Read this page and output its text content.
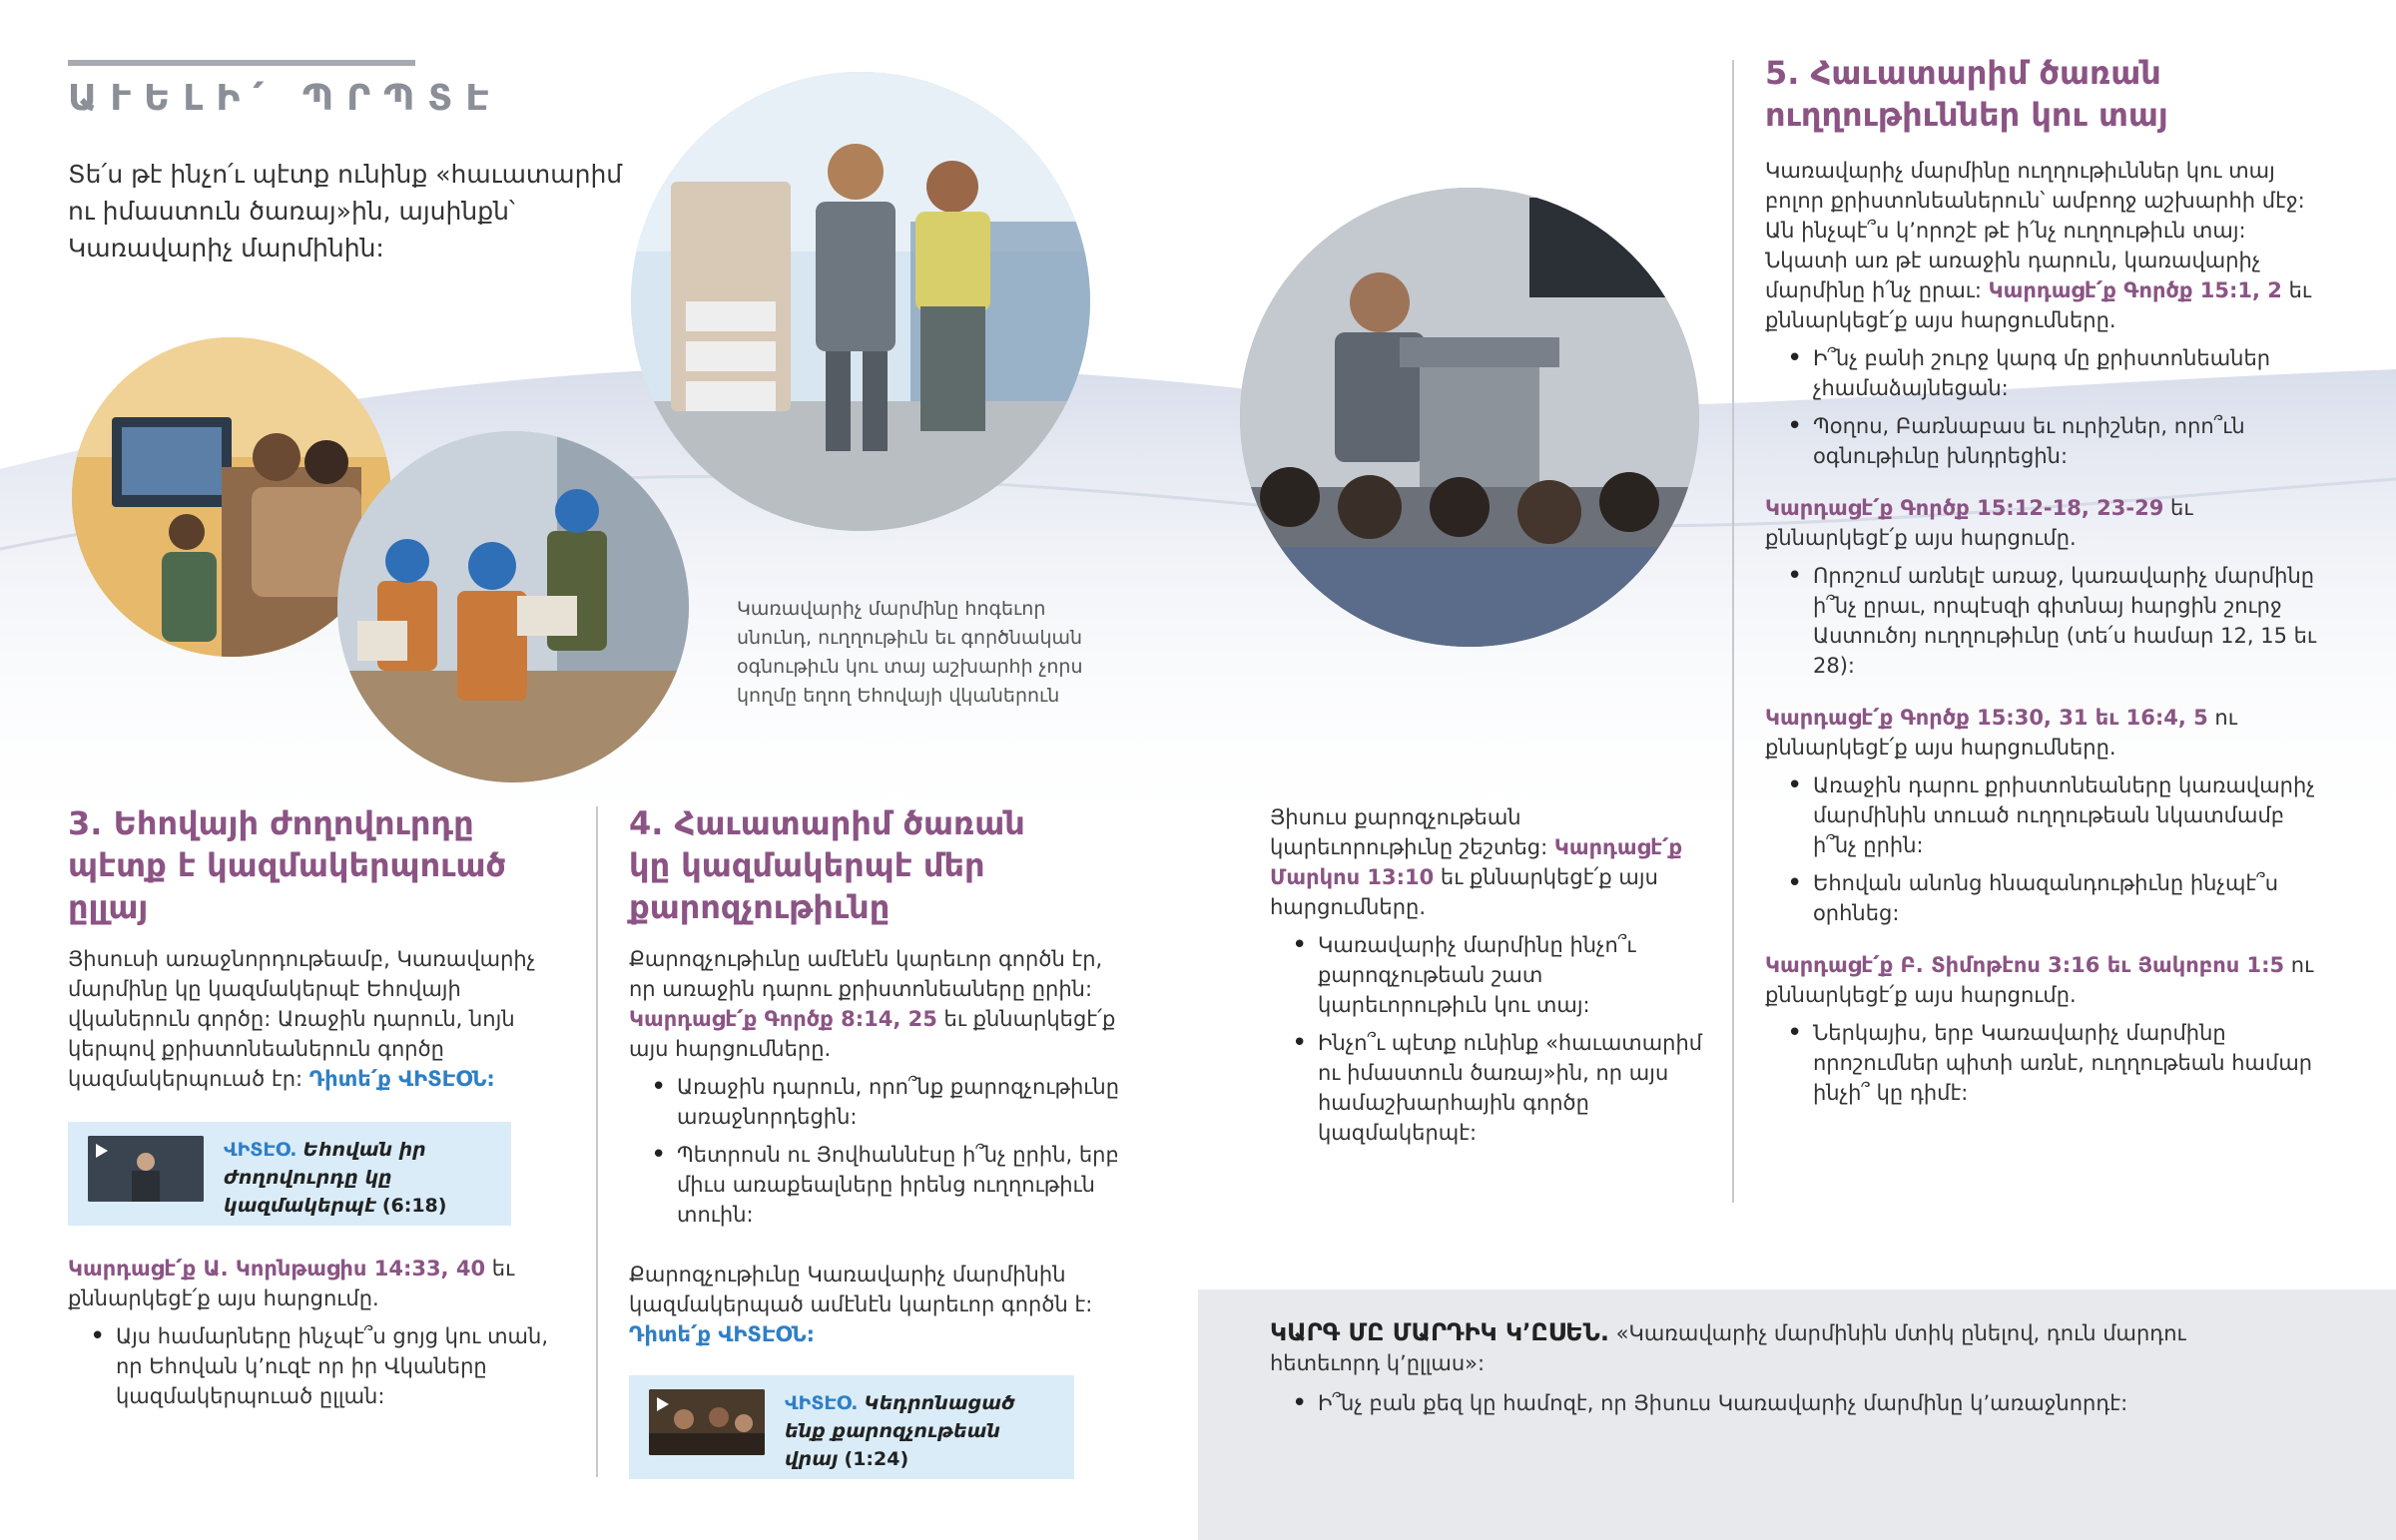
ԱՒԵԼԻ՛ ՊՐՊՏԷ
Տե՛ս թէ ինչո՛ւ պէտք ունինք «հաւատարիմ ու իմաստուն ծառայ»ին, այսինքն՝ Կառավարիչ մարմինին:
Կառավարիչ մարմինը հոգեւոր սնունդ, ուղղութիւն եւ գործնական օգնութիւն կու տայ աշխարհի չորս կողմը եղող Եհովայի վկաներուն
3. Եհովայի ժողովուրդը պէտք է կազմակերպուած ըլլայ
Յիսուսի առաջնորդութեամբ, Կառավարիչ մարմինը կը կազմակերպէ Եհովայի վկաներուն գործը: Առաջին դարուն, նոյն կերպով քրիստոնեաներուն գործը կազմակերպուած էր: Դիտե՛ք ՎԻՏԷՕՆ:
ՎԻՏԷՕ. Եհովան իր ժողովուրդը կը կազմակերպէ (6:18)
Կարդացէ՛ք Ա. Կորնթացիս 14:33, 40 եւ քննարկեցէ՛ք այս հարցումը.
• Այս համարները ինչպէ՞ս ցոյց կու տան, որ Եհովան կ՚ուզէ որ իր Վկաները կազմակերպուած ըլլան:
4. Հաւատարիմ ծառան կը կազմակերպէ մեր քարոզչութիւնը
Քարոզչութիւնը ամէնէն կարեւոր գործն էր, որ առաջին դարու քրիստոնեաները ըրին: Կարդացէ՛ք Գործք 8:14, 25 եւ քննարկեցէ՛ք այս հարցումները.
• Առաջին դարուն, որո՞նք քարոզչութիւնը առաջնորդեցին:
• Պետրոսն ու Յովհաննէսը ի՞նչ ըրին, երբ միւս առաքեալները իրենց ուղղութիւն տուին:
Քարոզչութիւնը Կառավարիչ մարմինին կազմակերպած ամէնէն կարեւոր գործն է: Դիտե՛ք ՎԻՏԷՕՆ:
ՎԻՏԷՕ. Կեդրոնացած ենք քարոզչութեան վրայ (1:24)
Յիսուս քարոզչութեան կարեւորութիւնը շեշտեց: Կարդացէ՛ք Մարկոս 13:10 եւ քննարկեցէ՛ք այս հարցումները.
• Կառավարիչ մարմինը ինչո՞ւ քարոզչութեան շատ կարեւորութիւն կու տայ:
• Ինչո՞ւ պէտք ունինք «հաւատարիմ ու իմաստուն ծառայ»ին, որ այս համաշխարհային գործը կազմակերպէ:
5. Հաւատարիմ ծառան ուղղութիւններ կու տայ
Կառավարիչ մարմինը ուղղութիւններ կու տայ բոլոր քրիստոնեաներուն՝ ամբողջ աշխարհի մէջ: Ան ինչպէ՞ս կ՚որոշէ թէ ի՛նչ ուղղութիւն տայ: Նկատի առ թէ առաջին դարուն, կառավարիչ մարմինը ի՛նչ ըրաւ: Կարդացէ՛ք Գործք 15:1, 2 եւ քննարկեցէ՛ք այս հարցումները.
• Ի՞նչ բանի շուրջ կարգ մը քրիստոնեաներ չհամաձայնեցան:
• Պօղոս, Բառնաբաս եւ ուրիշներ, որո՞ւն օգնութիւնը խնդրեցին:
Կարդացէ՛ք Գործք 15:12-18, 23-29 եւ քննարկեցէ՛ք այս հարցումը.
• Որոշում առնելէ առաջ, կառավարիչ մարմինը ի՞նչ ըրաւ, որպէսզի գիտնայ հարցին շուրջ Աստուծոյ ուղղութիւնը (տե՛ս համար 12, 15 եւ 28):
Կարդացէ՛ք Գործք 15:30, 31 եւ 16:4, 5 ու քննարկեցէ՛ք այս հարցումները.
• Առաջին դարու քրիստոնեաները կառավարիչ մարմինին տուած ուղղութեան նկատմամբ ի՞նչ ըրին:
• Եհովան անոնց հնազանդութիւնը ինչպէ՞ս օրհնեց:
Կարդացէ՛ք Բ. Տիմոթէոս 3:16 եւ Յակոբոս 1:5 ու քննարկեցէ՛ք այս հարցումը.
• Ներկայիս, երբ Կառավարիչ մարմինը որոշումներ պիտի առնէ, ուղղութեան համար ինչի՞ կը դիմէ:
ԿԱՐԳ ՄԸ ՄԱՐԴԻԿ Կ՚ԸՍԵՆ. «Կառավարիչ մարմինին մտիկ ընելով, դուն մարդու հետեւորդ կ՚ըլլաս»:
• Ի՞նչ բան քեզ կը համոզէ, որ Յիսուս Կառավարիչ մարմինը կ՚առաջնորդէ:
